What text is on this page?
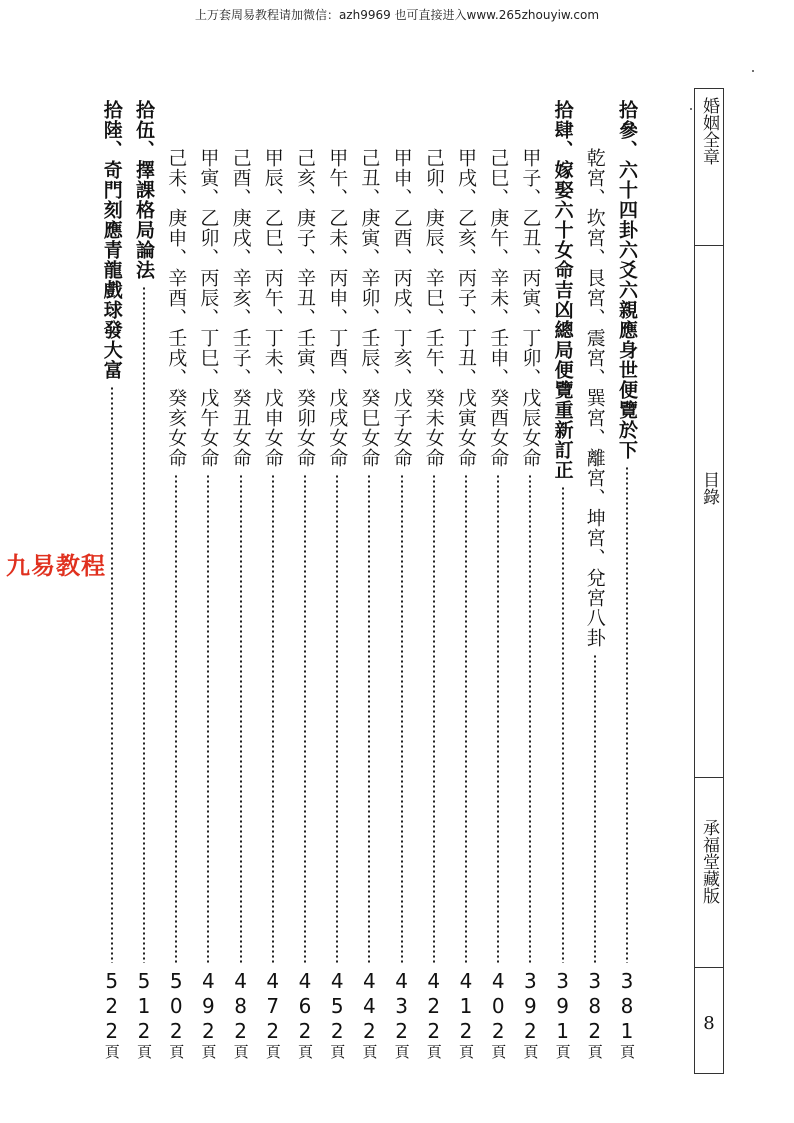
上万套周易教程请加微信：azh9969 也可直接进入www.265zhouyiw.com
拾參、六十四卦六爻六親應身世便覽於下
381頁
乾宮、坎宮、艮宮、震宮、巽宮、離宮、坤宮、兌宮八卦
382頁
拾肆、嫁娶六十女命吉凶總局便覽重新訂正
391頁
甲子、乙丑、丙寅、丁卯、戊辰女命
392頁
己巳、庚午、辛未、壬申、癸酉女命
402頁
甲戌、乙亥、丙子、丁丑、戊寅女命
412頁
己卯、庚辰、辛巳、壬午、癸未女命
422頁
甲申、乙酉、丙戌、丁亥、戊子女命
432頁
己丑、庚寅、辛卯、壬辰、癸巳女命
442頁
甲午、乙未、丙申、丁酉、戊戌女命
452頁
己亥、庚子、辛丑、壬寅、癸卯女命
462頁
甲辰、乙巳、丙午、丁未、戊申女命
472頁
己酉、庚戌、辛亥、壬子、癸丑女命
482頁
甲寅、乙卯、丙辰、丁巳、戊午女命
492頁
己未、庚申、辛酉、壬戌、癸亥女命
502頁
拾伍、擇課格局論法
512頁
拾陸、奇門刻應青龍戲球發大富
522頁
婚姻全章
目錄
承福堂藏版
8
九易教程
